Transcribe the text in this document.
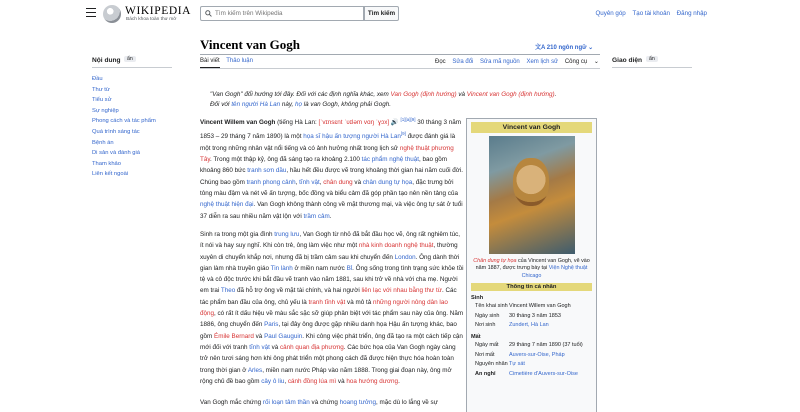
WIKIPEDIA
Bách khoa toàn thư mở
Tìm kiếm trên Wikipedia
Tìm kiếm	Quyên góp Tạo tài khoản Đăng nhập
Nội dung	ẩn
Đầu
Thư từ
Tiểu sử
Sự nghiệp
Phong cách và tác phẩm
Quá trình sáng tác
Bệnh án
Di sản và đánh giá
Tham khảo
Liên kết ngoài
Giao diện	ẩn
Vincent van Gogh	文A 210 ngôn ngữ ⌄
Bài viết Thảo luận	Đọc Sửa đổi Sửa mã nguồn Xem lịch sử Công cụ ⌄
"Van Gogh" đổi hướng tới đây. Đối với các định nghĩa khác, xem Van Gogh (định hướng) và Vincent van Gogh (định hướng).
Đối với tên người Hà Lan này, họ là van Gogh, không phải Gogh.

Vincent Willem van Gogh (tiếng Hà Lan: [ˈvɪnsɛnt ˈʋɪləm vɑŋ ˈɣɔx] 🔊 [1][a][9] 30 tháng 3 năm 1853 – 29 tháng 7 năm 1890) là một họa sĩ hậu ấn tượng người Hà Lan[9] được đánh giá là một trong những nhân vật nổi tiếng và có ảnh hưởng nhất trong lịch sử nghệ thuật phương Tây. Trong một thập kỷ, ông đã sáng tạo ra khoảng 2.100 tác phẩm nghệ thuật, bao gồm khoảng 860 bức tranh sơn dầu, hầu hết đều được vẽ trong khoảng thời gian hai năm cuối đời. Chúng bao gồm tranh phong cảnh, tĩnh vật, chân dung và chân dung tự họa, đặc trưng bởi tông màu đậm và nét vẽ ấn tượng, bốc đồng và biểu cảm đã góp phần tạo nên nền tảng của nghệ thuật hiện đại. Van Gogh không thành công về mặt thương mại, và việc ông tự sát ở tuổi 37 diễn ra sau nhiều năm vật lộn với trầm cảm.

Sinh ra trong một gia đình trung lưu, Van Gogh từ nhỏ đã bắt đầu học vẽ, ông rất nghiêm túc, ít nói và hay suy nghĩ. Khi còn trẻ, ông làm việc như một nhà kinh doanh nghệ thuật, thường xuyên di chuyển khắp nơi, nhưng đã bị trầm cảm sau khi chuyển đến London. Ông dành thời gian làm nhà truyền giáo Tin lành ở miền nam nước Bỉ. Ông sống trong tình trạng sức khỏe tồi tệ và cô độc trước khi bắt đầu vẽ tranh vào năm 1881, sau khi trở về nhà với cha mẹ. Người em trai Theo đã hỗ trợ ông về mặt tài chính, và hai người liên lạc với nhau bằng thư từ. Các tác phẩm ban đầu của ông, chủ yếu là tranh tĩnh vật và mô tả những người nông dân lao động, có rất ít dấu hiệu về màu sắc sặc sỡ giúp phân biệt với tác phẩm sau này của ông. Năm 1886, ông chuyển đến Paris, tại đây ông được gặp nhiều danh họa Hậu ấn tượng khác, bao gồm Émile Bernard và Paul Gauguin. Khi công việc phát triển, ông đã tạo ra một cách tiếp cận mới đối với tranh tĩnh vật và cảnh quan địa phương. Các bức họa của Van Gogh ngày càng trở nên tươi sáng hơn khi ông phát triển một phong cách đã được hiện thực hóa hoàn toàn trong thời gian ở Arles, miền nam nước Pháp vào năm 1888. Trong giai đoạn này, ông mở rộng chủ đề bao gồm cây ô liu, cánh đồng lúa mì và hoa hướng dương.

Van Gogh mắc chứng rối loạn tâm thần và chứng hoang tưởng, mặc dù lo lắng về sự

Vincent van Gogh
Chân dung tự họa của Vincent van Gogh, vẽ vào năm 1887, được trưng bày tại Viện Nghệ thuật Chicago
Thông tin cá nhân
Sinh
Tên khai sinh Vincent Willem van Gogh
Ngày sinh	30 tháng 3 năm 1853
Nơi sinh	Zundert, Hà Lan
Mất
Ngày mất	29 tháng 7 năm 1890 (37 tuổi)
Nơi mất	Auvers-sur-Oise, Pháp
Nguyên nhân Tự sát
An nghỉ	Cimetière d'Auvers-sur-Oise
